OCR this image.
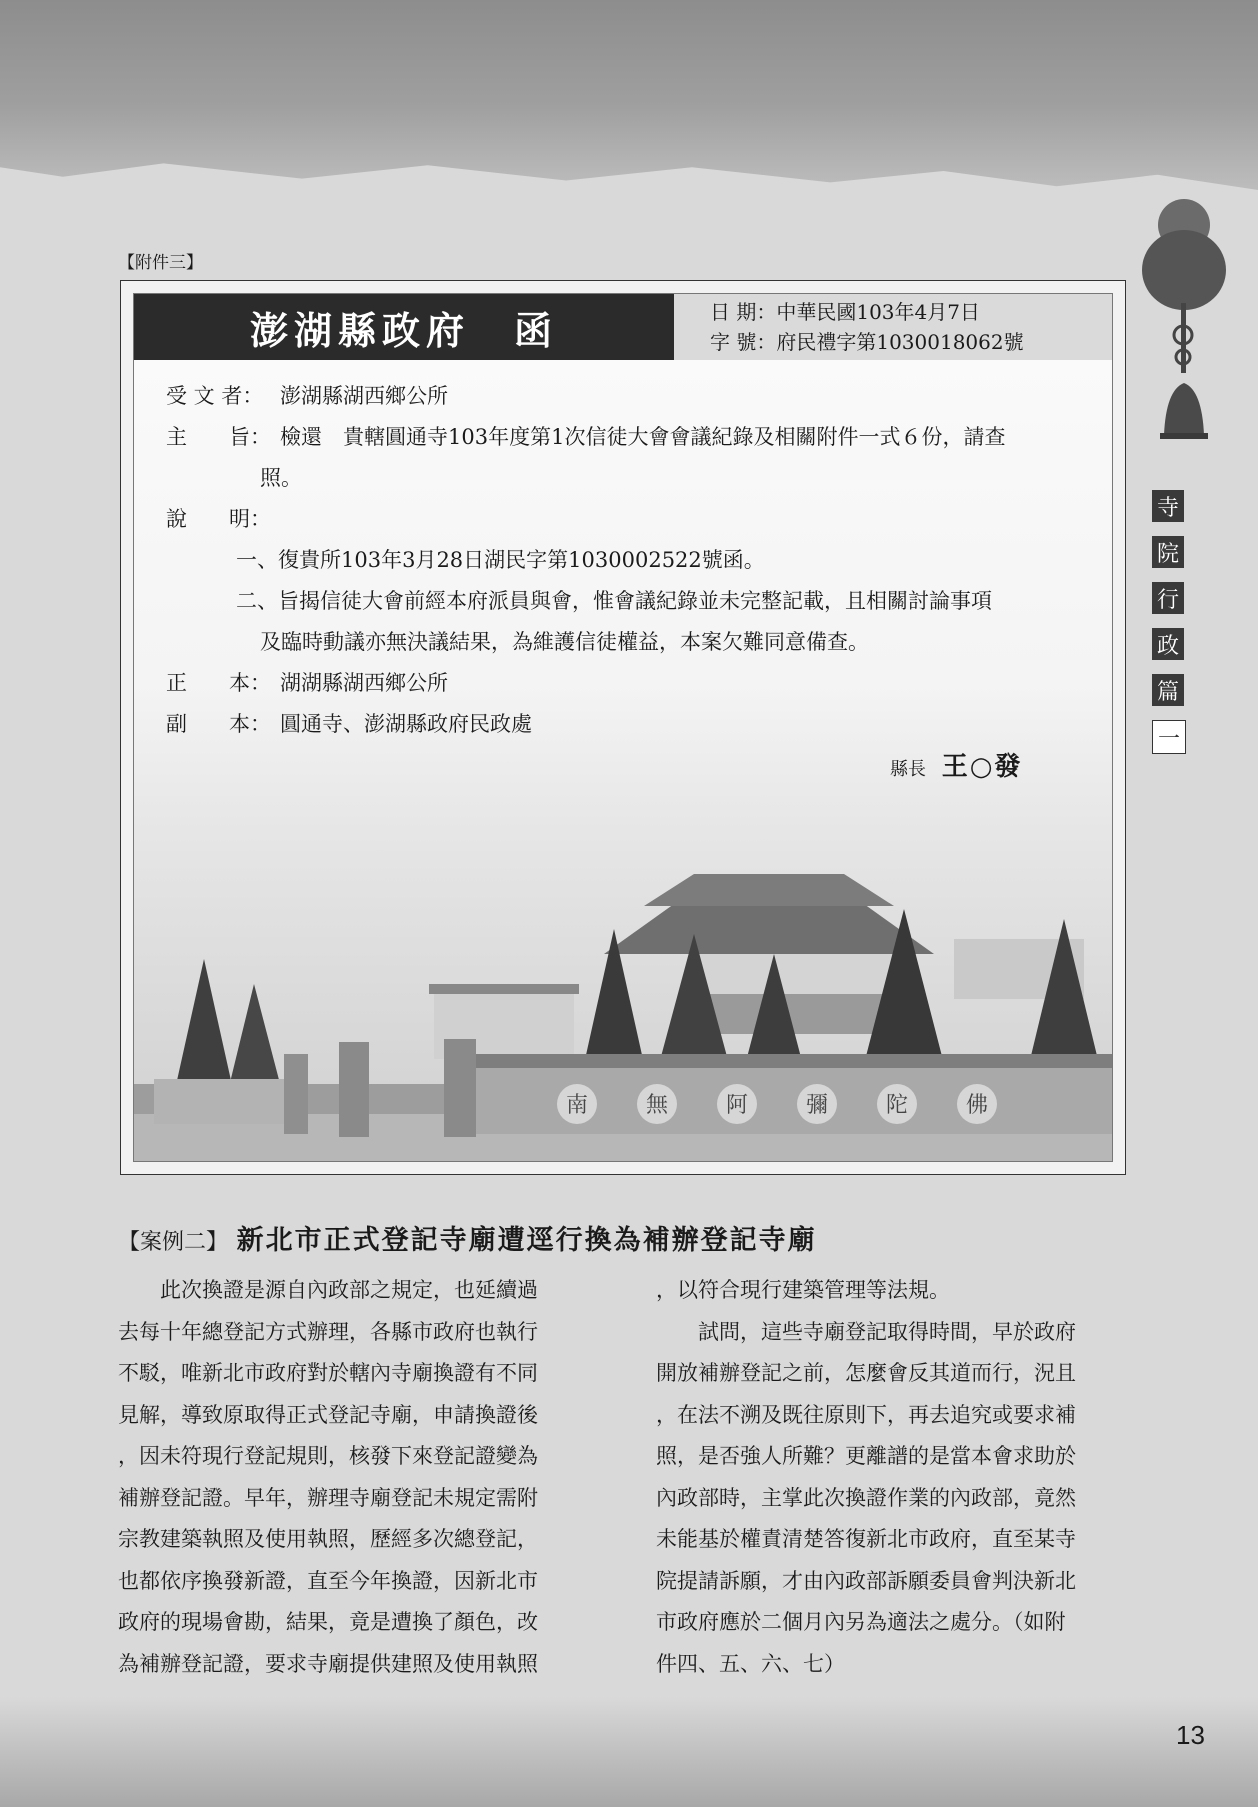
寺
院
行
政
篇
一
【附件三】
澎湖縣政府　函	日 期：中華民國103年4月7日
字 號：府民禮字第1030018062號
受 文 者： 澎湖縣湖西鄉公所
主　　旨： 檢還　貴轄圓通寺103年度第1次信徒大會會議紀錄及相關附件一式６份，請查
照。
說　　明：
一、復貴所103年3月28日湖民字第1030002522號函。
二、旨揭信徒大會前經本府派員與會，惟會議紀錄並未完整記載，且相關討論事項
及臨時動議亦無決議結果，為維護信徒權益，本案欠難同意備查。
正　　本： 湖湖縣湖西鄉公所
副　　本： 圓通寺、澎湖縣政府民政處
縣長 王○發
南	無	阿	彌	陀	佛
【案例二】 新北市正式登記寺廟遭逕行換為補辦登記寺廟
此次換證是源自內政部之規定，也延續過
去每十年總登記方式辦理，各縣市政府也執行
不駁，唯新北市政府對於轄內寺廟換證有不同
見解，導致原取得正式登記寺廟，申請換證後
，因未符現行登記規則，核發下來登記證變為
補辦登記證。早年，辦理寺廟登記未規定需附
宗教建築執照及使用執照，歷經多次總登記，
也都依序換發新證，直至今年換證，因新北市
政府的現場會勘，結果，竟是遭換了顏色，改
為補辦登記證，要求寺廟提供建照及使用執照
，以符合現行建築管理等法規。
試問，這些寺廟登記取得時間，早於政府
開放補辦登記之前，怎麼會反其道而行，況且
，在法不溯及既往原則下，再去追究或要求補
照，是否強人所難？更離譜的是當本會求助於
內政部時，主掌此次換證作業的內政部，竟然
未能基於權責清楚答復新北市政府，直至某寺
院提請訴願，才由內政部訴願委員會判決新北
市政府應於二個月內另為適法之處分。（如附
件四、五、六、七）
13
